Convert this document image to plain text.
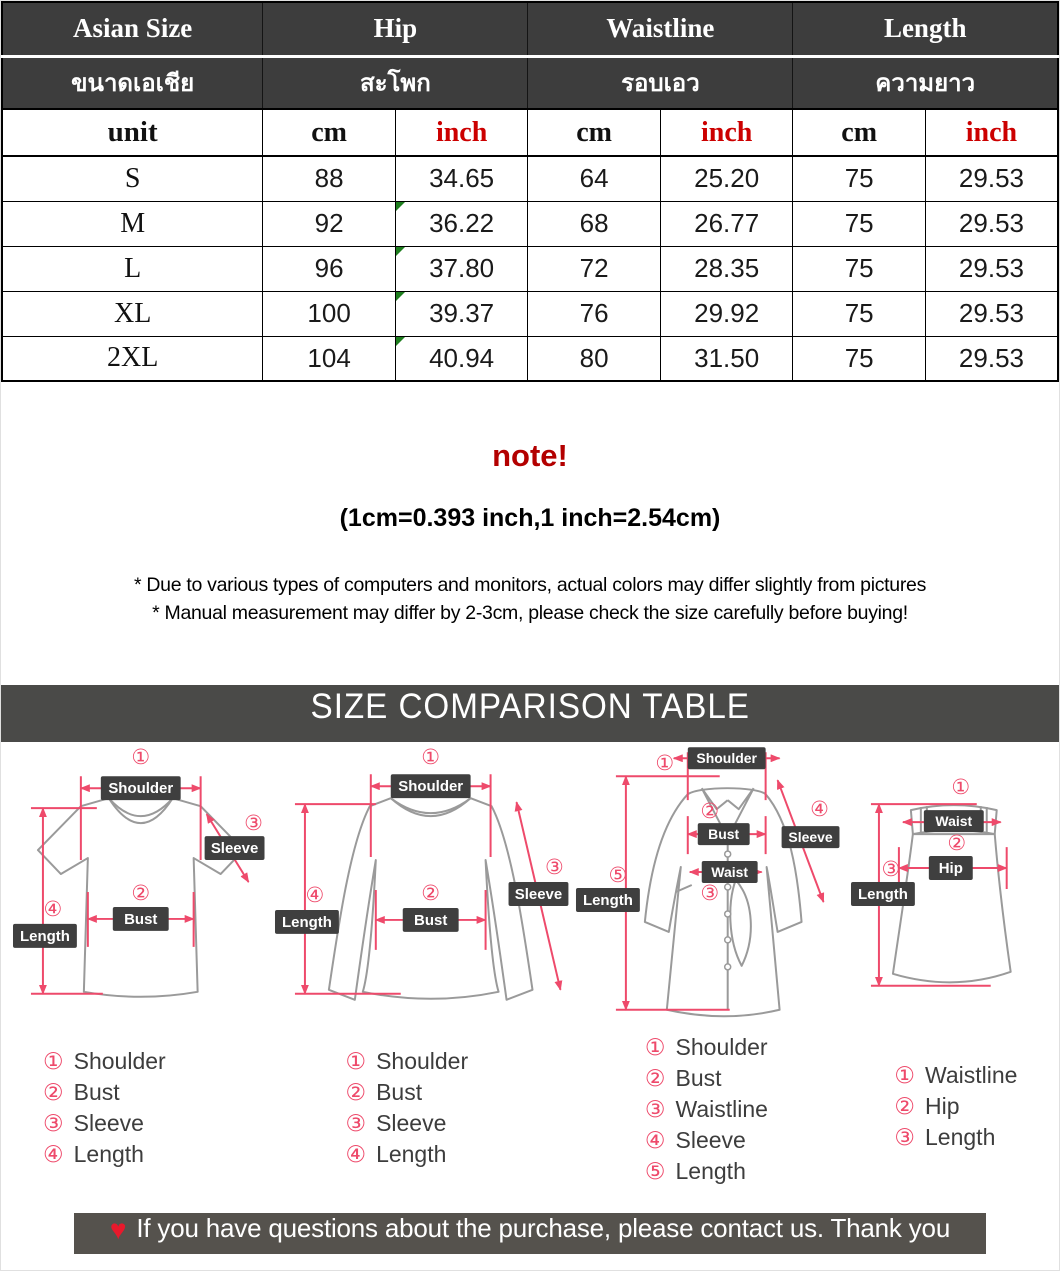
Asian Size	Hip		Waistline		Length	
ขนาดเอเชีย	สะโพก		รอบเอว		ความยาว	
unit	cm	inch	cm	inch	cm	inch
S	88	34.65	64	25.20	75	29.53
M	92	36.22	68	26.77	75	29.53
L	96	37.80	72	28.35	75	29.53
XL	100	39.37	76	29.92	75	29.53
2XL	104	40.94	80	31.50	75	29.53
note!
(1cm=0.393 inch,1 inch=2.54cm)
* Due to various types of computers and monitors, actual colors may differ slightly from pictures
* Manual measurement may differ by 2-3cm, please check the size carefully before buying!
SIZE COMPARISON TABLE
Shoulder
Bust
Sleeve
Length
①
②
③
④
Shoulder
Bust
Sleeve
Length
①
②
③
④
Shoulder
Bust
Waist
Sleeve
Length
①
②
③
④
⑤
Waist
Hip
Length
①
②
③
① Shoulder
② Bust
③ Sleeve
④ Length
① Shoulder
② Bust
③ Sleeve
④ Length
① Shoulder
② Bust
③ Waistline
④ Sleeve
⑤ Length
① Waistline
② Hip
③ Length
♥ If you have questions about the purchase, please contact us. Thank you
